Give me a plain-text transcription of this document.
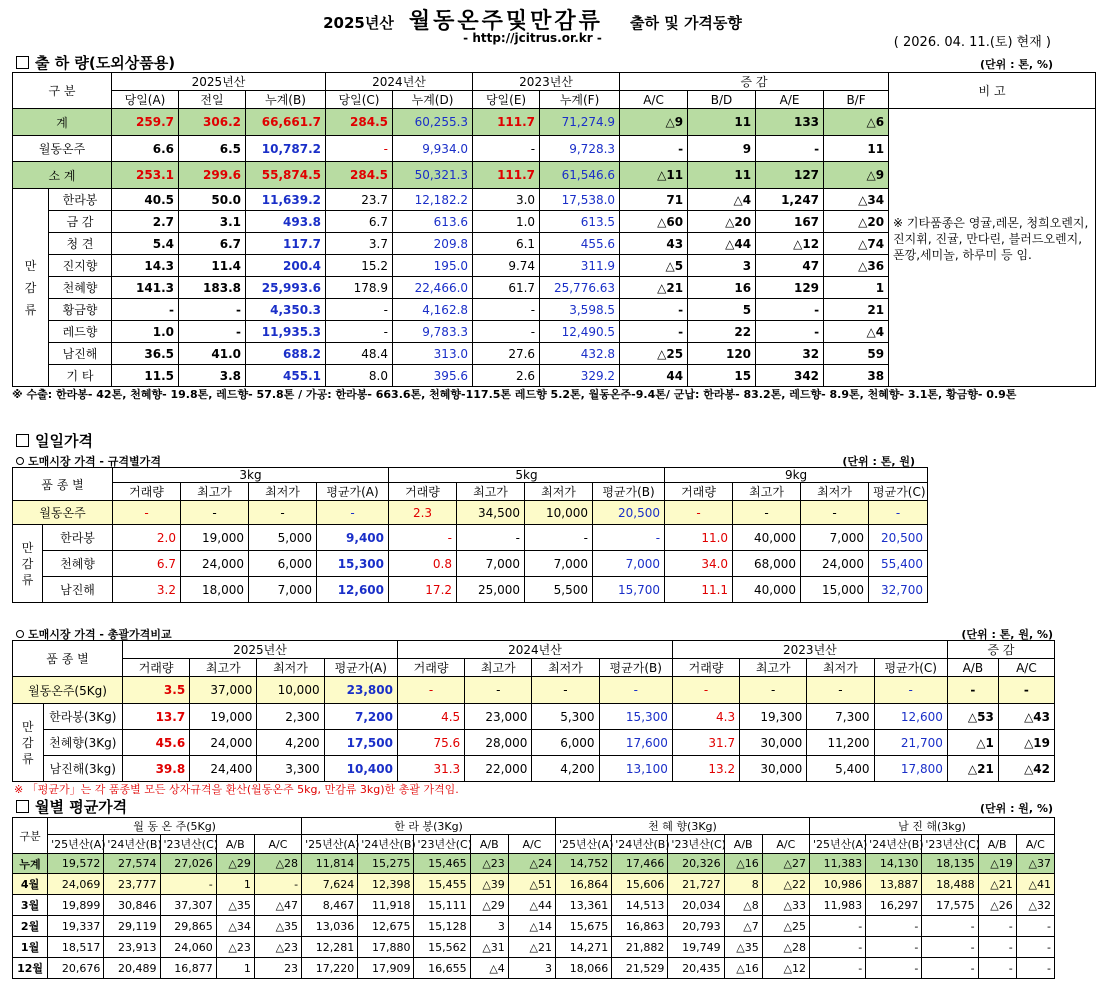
2025년산 월동온주및만감류 출하 및 가격동향
- http://jcitrus.or.kr -	( 2026. 04. 11.(토) 현재 )
출 하 량(도외상품용)	(단위 : 톤, %)
구 분		2025년산			2024년산		2023년산		증 감				비 고
		당일(A)	전일	누계(B)	당일(C)	누계(D)	당일(E)	누계(F)	A/C	B/D	A/E	B/F	
계		259.7	306.2	66,661.7	284.5	60,255.3	111.7	71,274.9	△9	11	133	△6	※ 기타품종은 영귤,레몬, 청희오렌지, 진지휘, 진귤, 만다린, 블러드오렌지, 폰깡,세미놀, 하루미 등 임.
월동온주		6.6	6.5	10,787.2	-	9,934.0	-	9,728.3	-	9	-	11	
소 계		253.1	299.6	55,874.5	284.5	50,321.3	111.7	61,546.6	△11	11	127	△9	
만
감
류	한라봉	40.5	50.0	11,639.2	23.7	12,182.2	3.0	17,538.0	71	△4	1,247	△34	
	금 감	2.7	3.1	493.8	6.7	613.6	1.0	613.5	△60	△20	167	△20	
	청 견	5.4	6.7	117.7	3.7	209.8	6.1	455.6	43	△44	△12	△74	
	진지향	14.3	11.4	200.4	15.2	195.0	9.74	311.9	△5	3	47	△36	
	천혜향	141.3	183.8	25,993.6	178.9	22,466.0	61.7	25,776.63	△21	16	129	1	
	황금향	-	-	4,350.3	-	4,162.8	-	3,598.5	-	5	-	21	
	레드향	1.0	-	11,935.3	-	9,783.3	-	12,490.5	-	22	-	△4	
	남진해	36.5	41.0	688.2	48.4	313.0	27.6	432.8	△25	120	32	59	
	기 타	11.5	3.8	455.1	8.0	395.6	2.6	329.2	44	15	342	38	
※ 수출: 한라봉- 42톤, 천혜향- 19.8톤, 레드향- 57.8톤 / 가공: 한라봉- 663.6톤, 천혜향-117.5톤 레드향 5.2톤, 월동온주-9.4톤/ 군납: 한라봉- 83.2톤, 레드향- 8.9톤, 천혜향- 3.1톤, 황금향- 0.9톤
일일가격
도매시장 가격 - 규격별가격	(단위 : 톤, 원)
품 종 별		3kg				5kg				9kg			
		거래량	최고가	최저가	평균가(A)	거래량	최고가	최저가	평균가(B)	거래량	최고가	최저가	평균가(C)
월동온주		-	-	-	-	2.3	34,500	10,000	20,500	-	-	-	-
만
감
류	한라봉	2.0	19,000	5,000	9,400	-	-	-	-	11.0	40,000	7,000	20,500
	천혜향	6.7	24,000	6,000	15,300	0.8	7,000	7,000	7,000	34.0	68,000	24,000	55,400
	남진해	3.2	18,000	7,000	12,600	17.2	25,000	5,500	15,700	11.1	40,000	15,000	32,700
도매시장 가격 - 총괄가격비교	(단위 : 톤, 원, %)
품 종 별		2025년산				2024년산				2023년산				증 감	
		거래량	최고가	최저가	평균가(A)	거래량	최고가	최저가	평균가(B)	거래량	최고가	최저가	평균가(C)	A/B	A/C
월동온주(5Kg)		3.5	37,000	10,000	23,800	-	-	-	-	-	-	-	-	-	-
만
감
류	한라봉(3Kg)	13.7	19,000	2,300	7,200	4.5	23,000	5,300	15,300	4.3	19,300	7,300	12,600	△53	△43
	천혜향(3Kg)	45.6	24,000	4,200	17,500	75.6	28,000	6,000	17,600	31.7	30,000	11,200	21,700	△1	△19
	남진해(3kg)	39.8	24,400	3,300	10,400	31.3	22,000	4,200	13,100	13.2	30,000	5,400	17,800	△21	△42
※ 「평균가」는 각 품종별 모든 상자규격을 환산(월동온주 5kg, 만감류 3kg)한 총괄 가격임.
월별 평균가격	(단위 : 원, %)
구분	월 동 온 주(5Kg)					한 라 봉(3Kg)					천 혜 향(3Kg)					남 진 해(3kg)				
	'25년산(A)	'24년산(B)	'23년산(C)	A/B	A/C	'25년산(A)	'24년산(B)	'23년산(C)	A/B	A/C	'25년산(A)	'24년산(B)	'23년산(C)	A/B	A/C	'25년산(A)	'24년산(B)	'23년산(C)	A/B	A/C
누계	19,572	27,574	27,026	△29	△28	11,814	15,275	15,465	△23	△24	14,752	17,466	20,326	△16	△27	11,383	14,130	18,135	△19	△37
4월	24,069	23,777	-	1	-	7,624	12,398	15,455	△39	△51	16,864	15,606	21,727	8	△22	10,986	13,887	18,488	△21	△41
3월	19,899	30,846	37,307	△35	△47	8,467	11,918	15,111	△29	△44	13,361	14,513	20,034	△8	△33	11,983	16,297	17,575	△26	△32
2월	19,337	29,119	29,865	△34	△35	13,036	12,675	15,128	3	△14	15,675	16,863	20,793	△7	△25	-	-	-	-	-
1월	18,517	23,913	24,060	△23	△23	12,281	17,880	15,562	△31	△21	14,271	21,882	19,749	△35	△28	-	-	-	-	-
12월	20,676	20,489	16,877	1	23	17,220	17,909	16,655	△4	3	18,066	21,529	20,435	△16	△12	-	-	-	-	-
